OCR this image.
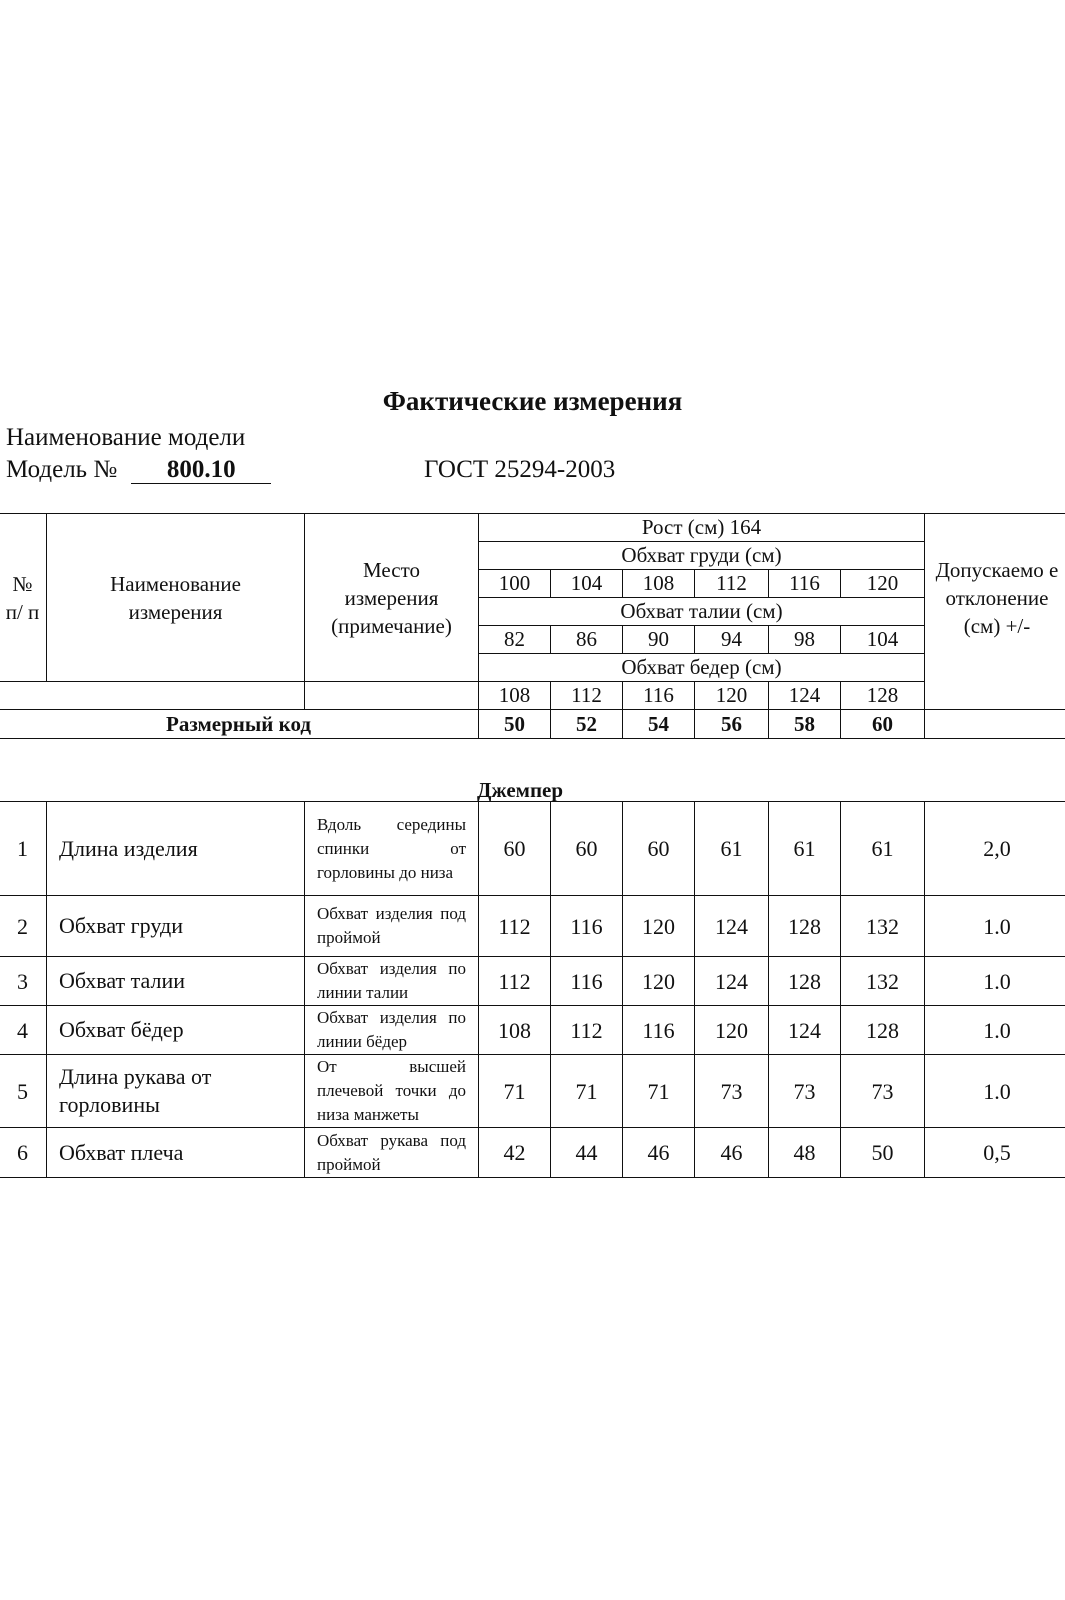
Фактические измерения
Наименование модели
Модель № 800.10	ГОСТ 25294-2003
№ п/ п	Наименование измерения	Место измерения (примечание)	Рост (см) 164						
			Обхват груди (см)						Допускаемо е отклонение (см) +/-

			100	104	108	112	116	120	
			Обхват талии (см)						
			82	86	90	94	98	104	
			Обхват бедер (см)						
			108	112	116	120	124	128	
Размерный код			50	52	54	56	58	60	
Джемпер
1	Длина изделия	Вдоль середины спинки от горловины до низа	60	60	60	61	61	61	2,0
2	Обхват груди	Обхват изделия под проймой	112	116	120	124	128	132	1.0
3	Обхват талии	Обхват изделия по линии талии	112	116	120	124	128	132	1.0
4	Обхват бёдер	Обхват изделия по линии бёдер	108	112	116	120	124	128	1.0
5	Длина рукава от горловины	От высшей плечевой точки до низа манжеты	71	71	71	73	73	73	1.0
6	Обхват плеча	Обхват рукава под проймой	42	44	46	46	48	50	0,5
